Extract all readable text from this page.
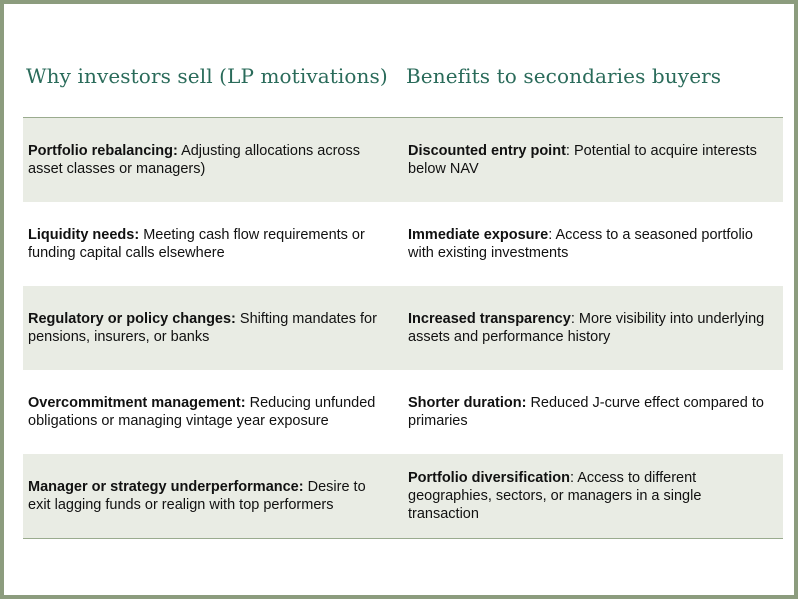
Why investors sell (LP motivations) Benefits to secondaries buyers
Portfolio rebalancing: Adjusting allocations across asset classes or managers)
Discounted entry point: Potential to acquire interests below NAV
Liquidity needs: Meeting cash flow requirements or funding capital calls elsewhere
Immediate exposure: Access to a seasoned portfolio with existing investments
Regulatory or policy changes: Shifting mandates for pensions, insurers, or banks
Increased transparency: More visibility into underlying assets and performance history
Overcommitment management: Reducing unfunded obligations or managing vintage year exposure
Shorter duration: Reduced J-curve effect compared to primaries
Manager or strategy underperformance: Desire to exit lagging funds or realign with top performers
Portfolio diversification: Access to different geographies, sectors, or managers in a single transaction
